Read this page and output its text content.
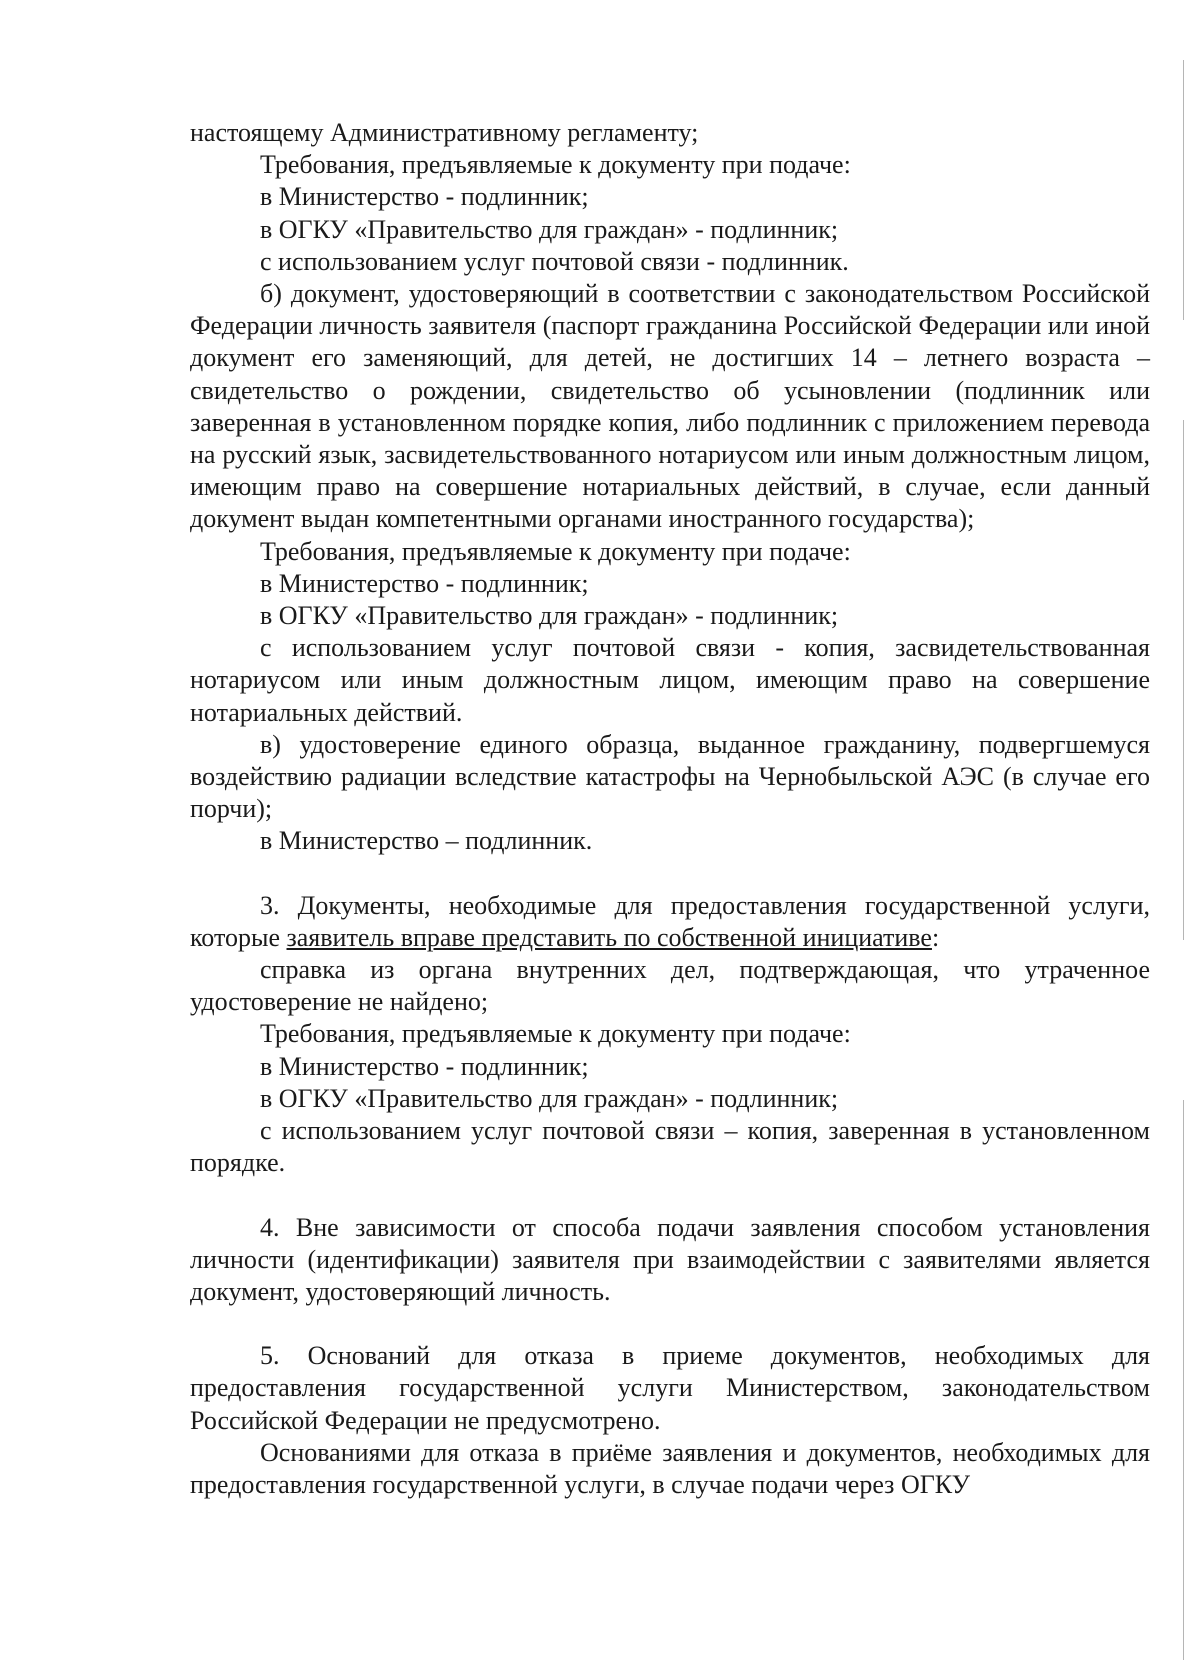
настоящему Административному регламенту;

Требования, предъявляемые к документу при подаче:

в Министерство - подлинник;

в ОГКУ «Правительство для граждан» - подлинник;

с использованием услуг почтовой связи - подлинник.

б) документ, удостоверяющий в соответствии с законодательством Российской Федерации личность заявителя (паспорт гражданина Российской Федерации или иной документ его заменяющий, для детей, не достигших 14 – летнего возраста – свидетельство о рождении, свидетельство об усыновлении (подлинник или заверенная в установленном порядке копия, либо подлинник с приложением перевода на русский язык, засвидетельствованного нотариусом или иным должностным лицом, имеющим право на совершение нотариальных действий, в случае, если данный документ выдан компетентными органами иностранного государства);

Требования, предъявляемые к документу при подаче:

в Министерство - подлинник;

в ОГКУ «Правительство для граждан» - подлинник;

с использованием услуг почтовой связи - копия, засвидетельствованная нотариусом или иным должностным лицом, имеющим право на совершение нотариальных действий.

в) удостоверение единого образца, выданное гражданину, подвергшемуся воздействию радиации вследствие катастрофы на Чернобыльской АЭС (в случае его порчи);

в Министерство – подлинник.

3. Документы, необходимые для предоставления государственной услуги, которые заявитель вправе представить по собственной инициативе:

справка из органа внутренних дел, подтверждающая, что утраченное удостоверение не найдено;

Требования, предъявляемые к документу при подаче:

в Министерство - подлинник;

в ОГКУ «Правительство для граждан» - подлинник;

с использованием услуг почтовой связи – копия, заверенная в установленном порядке.

4. Вне зависимости от способа подачи заявления способом установления личности (идентификации) заявителя при взаимодействии с заявителями является документ, удостоверяющий личность.

5. Оснований для отказа в приеме документов, необходимых для предоставления государственной услуги Министерством, законодательством Российской Федерации не предусмотрено.

Основаниями для отказа в приёме заявления и документов, необходимых для предоставления государственной услуги, в случае подачи через ОГКУ
